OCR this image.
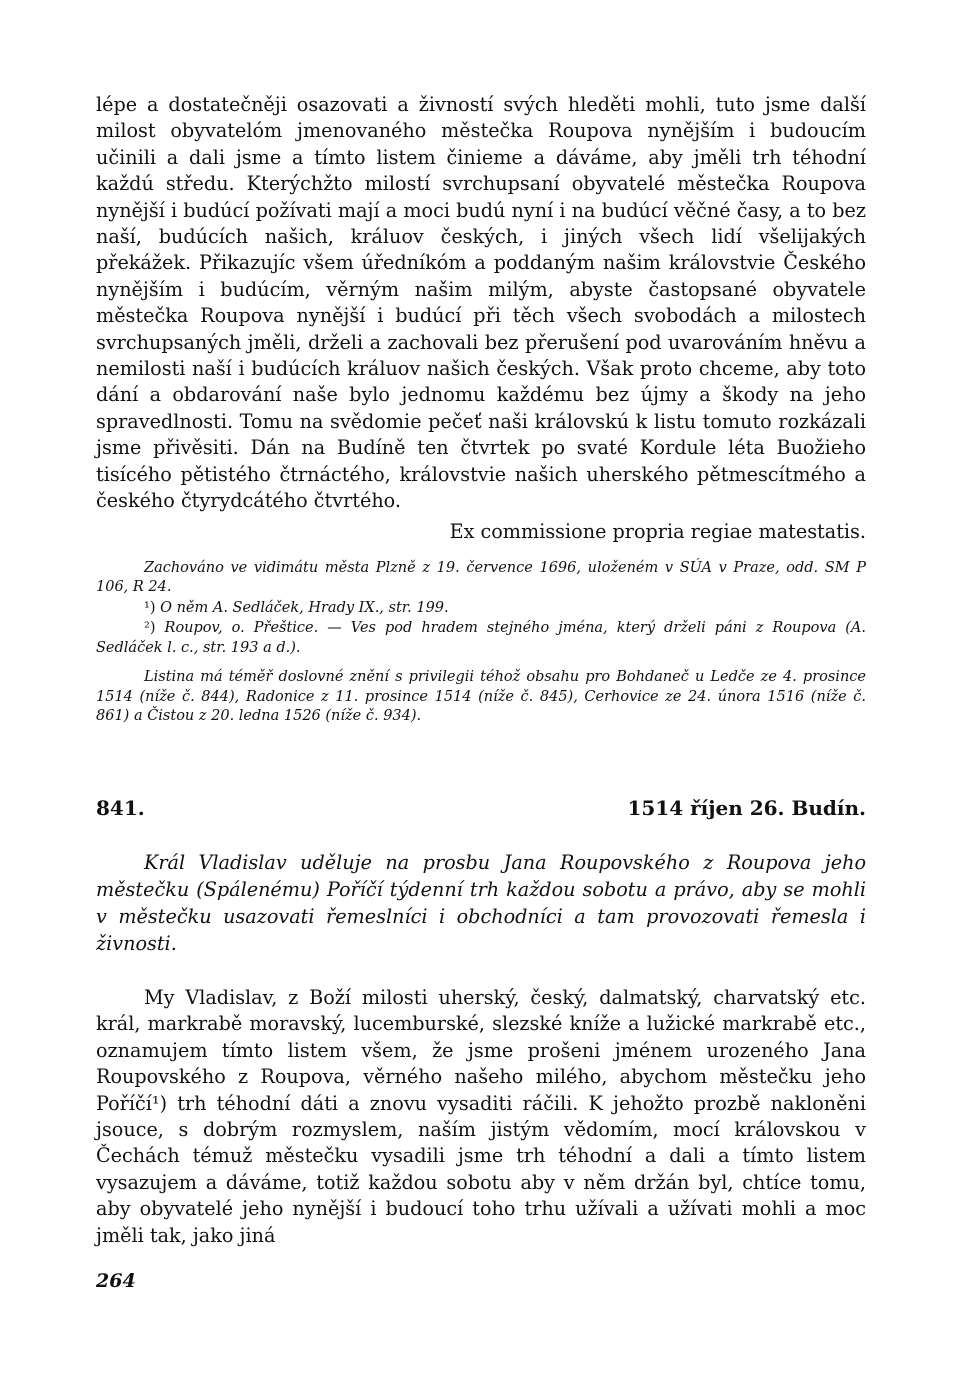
lépe a dostatečněji osazovati a živností svých hleděti mohli, tuto jsme další milost obyvatelóm jmenovaného městečka Roupova nynějším i budoucím učinili a dali jsme a tímto listem činieme a dáváme, aby jměli trh téhodní každú středu. Kterýchžto milostí svrchupsaní obyvatelé městečka Roupova nynější i budúcí požívati mají a moci budú nyní i na budúcí věčné časy, a to bez naší, budúcích našich, králuov českých, i jiných všech lidí všelijakých překážek. Přikazujíc všem úředníkóm a poddaným našim královstvie Českého nynějším i budúcím, věrným našim milým, abyste častopsané obyvatele městečka Roupova nynější i budúcí při těch všech svobodách a milostech svrchupsaných jměli, drželi a zachovali bez přerušení pod uvarováním hněvu a nemilosti naší i budúcích králuov našich českých. Však proto chceme, aby toto dání a obdarování naše bylo jednomu každému bez újmy a škody na jeho spravedlnosti. Tomu na svědomie pečeť naši královskú k listu tomuto rozkázali jsme přivěsiti. Dán na Budíně ten čtvrtek po svaté Kordule léta Buožieho tisícého pětistého čtrnáctého, královstvie našich uherského pětmescítmého a českého čtyrydcátého čtvrtého.

Ex commissione propria regiae matestatis.

Zachováno ve vidimátu města Plzně z 19. července 1696, uloženém v SÚA v Praze, odd. SM P 106, R 24.

¹) O něm A. Sedláček, Hrady IX., str. 199.

²) Roupov, o. Přeštice. — Ves pod hradem stejného jména, který drželi páni z Roupova (A. Sedláček l. c., str. 193 a d.).

Listina má téměř doslovné znění s privilegii téhož obsahu pro Bohdaneč u Ledče ze 4. prosince 1514 (níže č. 844), Radonice z 11. prosince 1514 (níže č. 845), Cerhovice ze 24. února 1516 (níže č. 861) a Čistou z 20. ledna 1526 (níže č. 934).

841.	1514 říjen 26. Budín.

Král Vladislav uděluje na prosbu Jana Roupovského z Roupova jeho městečku (Spálenému) Poříčí týdenní trh každou sobotu a právo, aby se mohli v městečku usazovati řemeslníci i obchodníci a tam provozovati řemesla i živnosti.

My Vladislav, z Boží milosti uherský, český, dalmatský, charvatský etc. král, markrabě moravský, lucemburské, slezské kníže a lužické markrabě etc., oznamujem tímto listem všem, že jsme prošeni jménem urozeného Jana Roupovského z Roupova, věrného našeho milého, abychom městečku jeho Poříčí¹) trh téhodní dáti a znovu vysaditi ráčili. K jehožto prozbě nakloněni jsouce, s dobrým rozmyslem, naším jistým vědomím, mocí královskou v Čechách témuž městečku vysadili jsme trh téhodní a dali a tímto listem vysazujem a dáváme, totiž každou sobotu aby v něm držán byl, chtíce tomu, aby obyvatelé jeho nynější i budoucí toho trhu užívali a užívati mohli a moc jměli tak, jako jiná

264
